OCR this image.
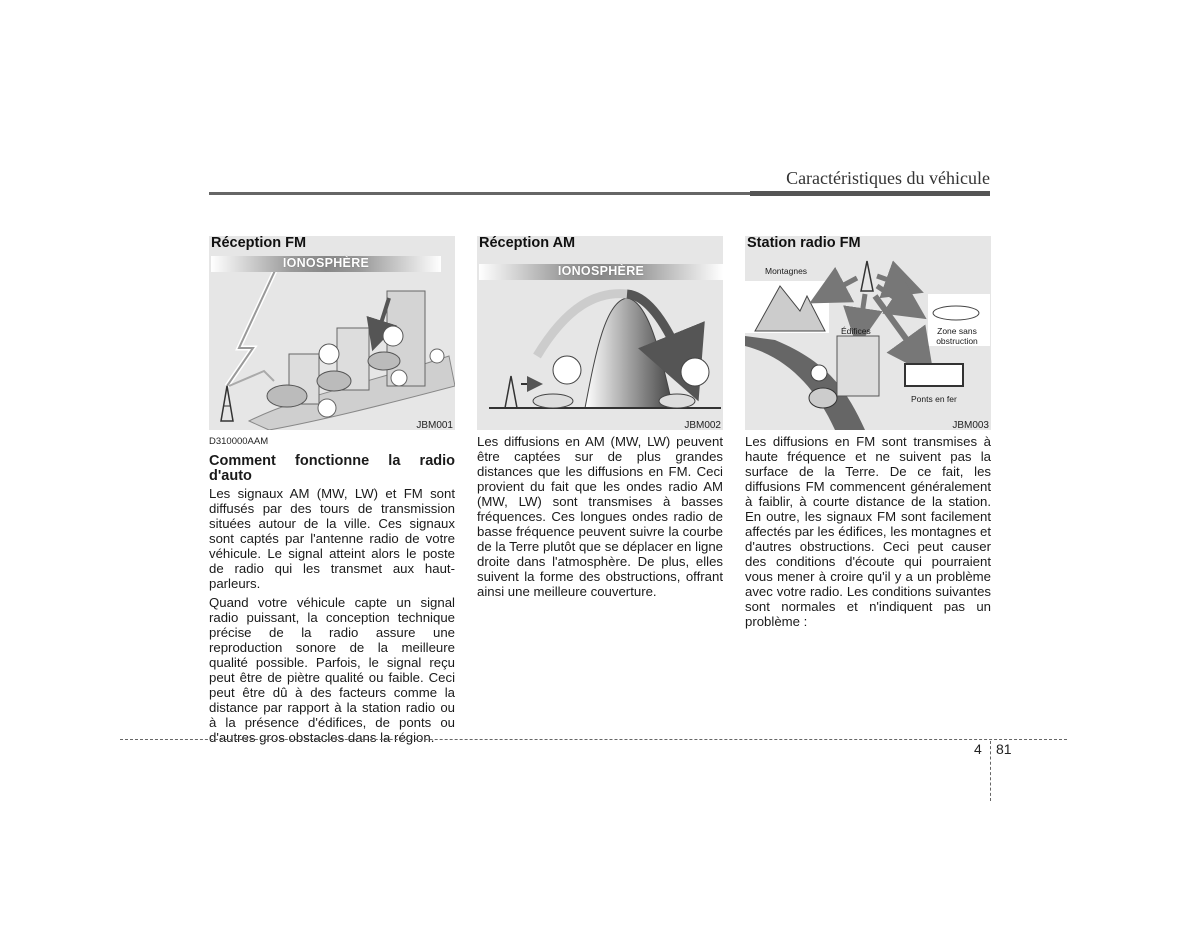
Caractéristiques du véhicule
Réception FM
IONOSPHÈRE
JBM001
Réception AM
IONOSPHÈRE
JBM002
Station radio FM
Montagnes
Édifices	Zone sans
obstruction
Ponts en fer
JBM003
D310000AAM
Comment fonctionne la radio d'auto

Les signaux AM (MW, LW) et FM sont diffusés par des tours de transmission situées autour de la ville. Ces signaux sont captés par l'antenne radio de votre véhicule. Le signal atteint alors le poste de radio qui les transmet aux haut-parleurs.

Quand votre véhicule capte un signal radio puissant, la conception technique précise de la radio assure une reproduction sonore de la meilleure qualité possible. Parfois, le signal reçu peut être de piètre qualité ou faible. Ceci peut être dû à des facteurs comme la distance par rapport à la station radio ou à la présence d'édifices, de ponts ou d'autres gros obstacles dans la région.

Les diffusions en AM (MW, LW) peuvent être captées sur de plus grandes distances que les diffusions en FM. Ceci provient du fait que les ondes radio AM (MW, LW) sont transmises à basses fréquences. Ces longues ondes radio de basse fréquence peuvent suivre la courbe de la Terre plutôt que se déplacer en ligne droite dans l'atmosphère. De plus, elles suivent la forme des obstructions, offrant ainsi une meilleure couverture.

Les diffusions en FM sont transmises à haute fréquence et ne suivent pas la surface de la Terre. De ce fait, les diffusions FM commencent généralement à faiblir, à courte distance de la station. En outre, les signaux FM sont facilement affectés par les édifices, les montagnes et d'autres obstructions. Ceci peut causer des conditions d'écoute qui pourraient vous mener à croire qu'il y a un problème avec votre radio. Les conditions suivantes sont normales et n'indiquent pas un problème :

4 81
